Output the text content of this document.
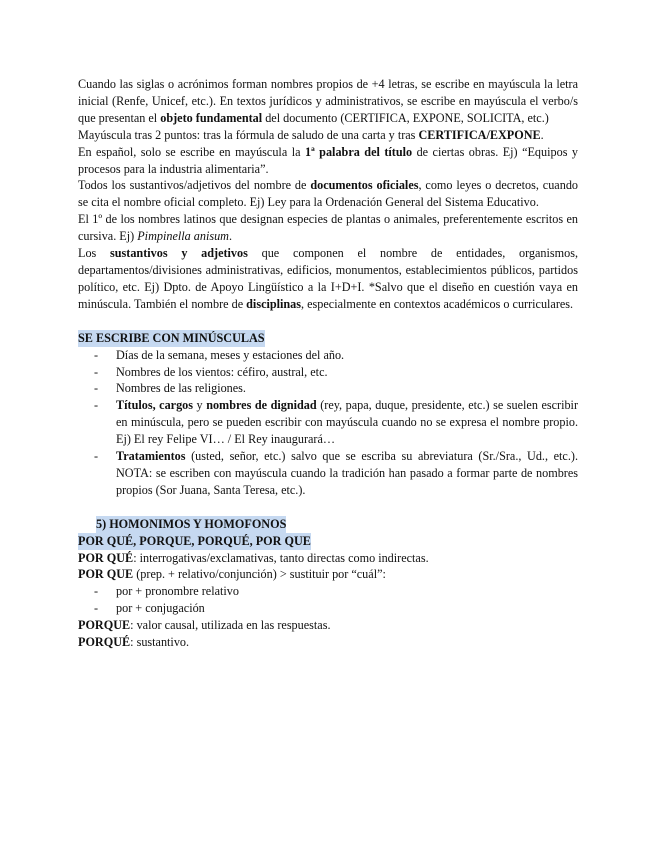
Cuando las siglas o acrónimos forman nombres propios de +4 letras, se escribe en mayúscula la letra inicial (Renfe, Unicef, etc.). En textos jurídicos y administrativos, se escribe en mayúscula el verbo/s que presentan el objeto fundamental del documento (CERTIFICA, EXPONE, SOLICITA, etc.)

Mayúscula tras 2 puntos: tras la fórmula de saludo de una carta y tras CERTIFICA/EXPONE.

En español, solo se escribe en mayúscula la 1ª palabra del título de ciertas obras. Ej) “Equipos y procesos para la industria alimentaria”.

Todos los sustantivos/adjetivos del nombre de documentos oficiales, como leyes o decretos, cuando se cita el nombre oficial completo. Ej) Ley para la Ordenación General del Sistema Educativo.

El 1º de los nombres latinos que designan especies de plantas o animales, preferentemente escritos en cursiva. Ej) Pimpinella anisum.

Los sustantivos y adjetivos que componen el nombre de entidades, organismos, departamentos/divisiones administrativas, edificios, monumentos, establecimientos públicos, partidos político, etc. Ej) Dpto. de Apoyo Lingüístico a la I+D+I. *Salvo que el diseño en cuestión vaya en minúscula. También el nombre de disciplinas, especialmente en contextos académicos o curriculares.

SE ESCRIBE CON MINÚSCULAS

- Días de la semana, meses y estaciones del año.
- Nombres de los vientos: céfiro, austral, etc.
- Nombres de las religiones.
- Títulos, cargos y nombres de dignidad (rey, papa, duque, presidente, etc.) se suelen escribir en minúscula, pero se pueden escribir con mayúscula cuando no se expresa el nombre propio. Ej) El rey Felipe VI… / El Rey inaugurará…
- Tratamientos (usted, señor, etc.) salvo que se escriba su abreviatura (Sr./Sra., Ud., etc.). NOTA: se escriben con mayúscula cuando la tradición han pasado a formar parte de nombres propios (Sor Juana, Santa Teresa, etc.).

5) HOMONIMOS Y HOMOFONOS

POR QUÉ, PORQUE, PORQUÉ, POR QUE

POR QUÉ: interrogativas/exclamativas, tanto directas como indirectas.

POR QUE (prep. + relativo/conjunción) > sustituir por “cuál”:

- por + pronombre relativo
- por + conjugación

PORQUE: valor causal, utilizada en las respuestas.

PORQUÉ: sustantivo.
